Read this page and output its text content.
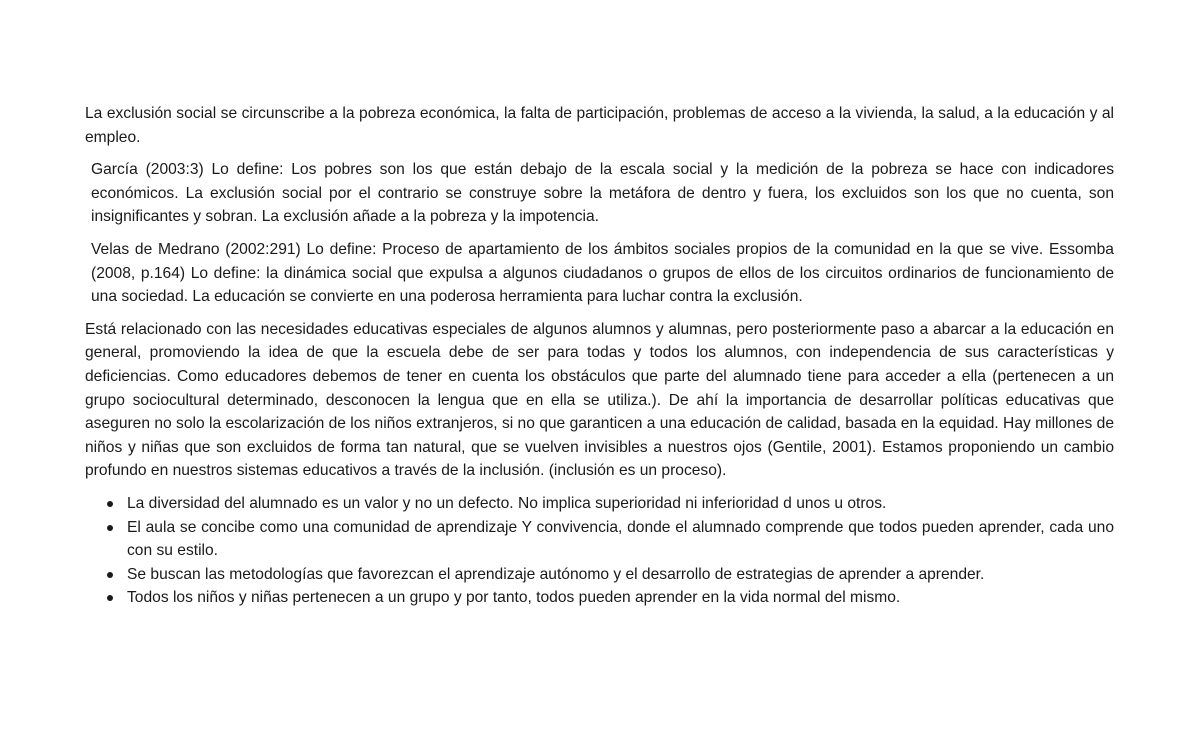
La exclusión social se circunscribe a la pobreza económica, la falta de participación, problemas de acceso a la vivienda, la salud, a la educación y al empleo.

García (2003:3) Lo define: Los pobres son los que están debajo de la escala social y la medición de la pobreza se hace con indicadores económicos. La exclusión social por el contrario se construye sobre la metáfora de dentro y fuera, los excluidos son los que no cuenta, son insignificantes y sobran. La exclusión añade a la pobreza y la impotencia.

Velas de Medrano (2002:291) Lo define: Proceso de apartamiento de los ámbitos sociales propios de la comunidad en la que se vive. Essomba (2008, p.164) Lo define: la dinámica social que expulsa a algunos ciudadanos o grupos de ellos de los circuitos ordinarios de funcionamiento de una sociedad. La educación se convierte en una poderosa herramienta para luchar contra la exclusión.

Está relacionado con las necesidades educativas especiales de algunos alumnos y alumnas, pero posteriormente paso a abarcar a la educación en general, promoviendo la idea de que la escuela debe de ser para todas y todos los alumnos, con independencia de sus características y deficiencias. Como educadores debemos de tener en cuenta los obstáculos que parte del alumnado tiene para acceder a ella (pertenecen a un grupo sociocultural determinado, desconocen la lengua que en ella se utiliza.). De ahí la importancia de desarrollar políticas educativas que aseguren no solo la escolarización de los niños extranjeros, si no que garanticen a una educación de calidad, basada en la equidad. Hay millones de niños y niñas que son excluidos de forma tan natural, que se vuelven invisibles a nuestros ojos (Gentile, 2001). Estamos proponiendo un cambio profundo en nuestros sistemas educativos a través de la inclusión. (inclusión es un proceso).

La diversidad del alumnado es un valor y no un defecto. No implica superioridad ni inferioridad d unos u otros.
El aula se concibe como una comunidad de aprendizaje Y convivencia, donde el alumnado comprende que todos pueden aprender, cada uno con su estilo.
Se buscan las metodologías que favorezcan el aprendizaje autónomo y el desarrollo de estrategias de aprender a aprender.
Todos los niños y niñas pertenecen a un grupo y por tanto, todos pueden aprender en la vida normal del mismo.
